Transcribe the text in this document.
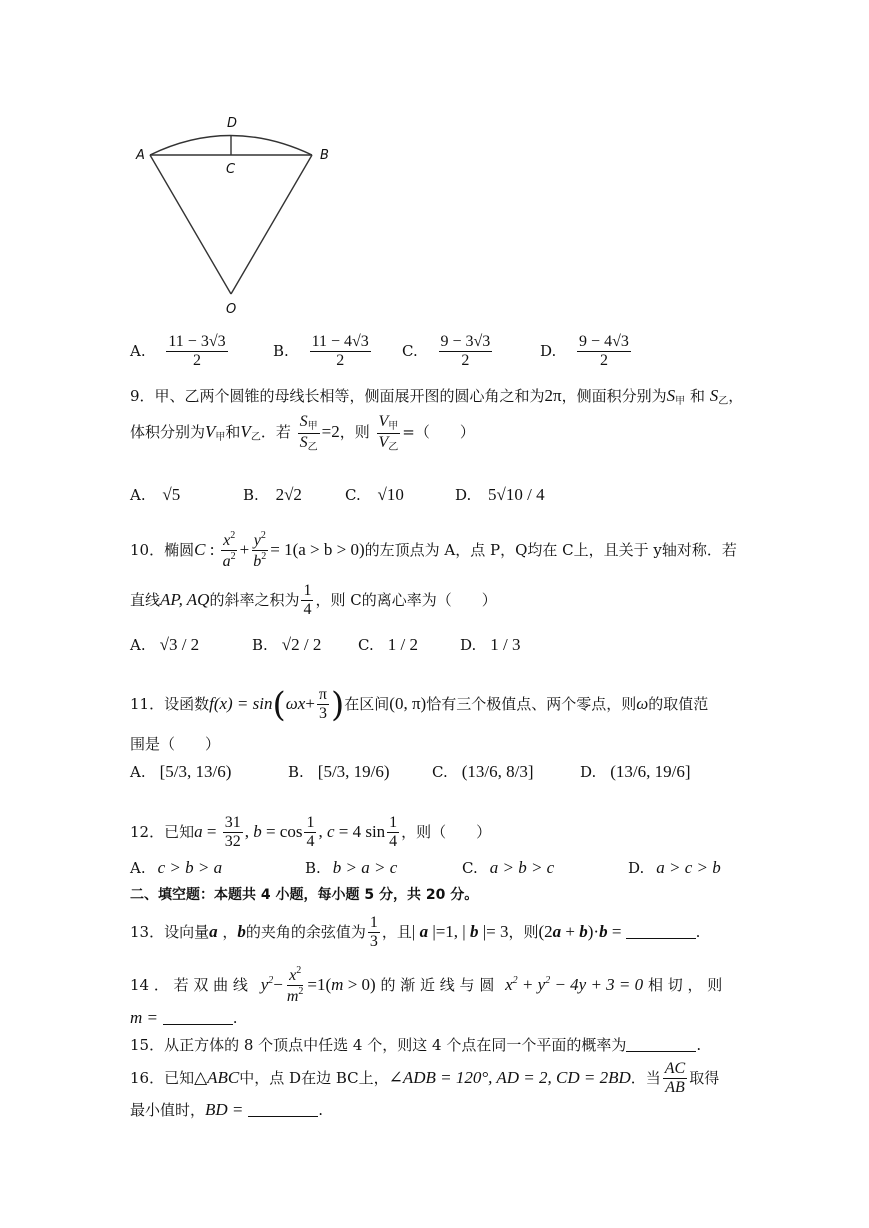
A	B
C
D
O
A. $\frac{11 - 3√3}{2}$	B. $\frac{11 - 4√3}{2} C$. $\frac{9 - 3√3}{2}$	D. $\frac{9 - 4√3}{2}$
9．甲、乙两个圆锥的母线长相等，侧面展开图的圆心角之和为2π，侧面积分别为$S_甲$ 和 $S_乙$，
体积分别为$V_甲$和$V_乙$．若 $\frac{S_甲}{S_乙} =2$，则 $\frac{V_甲}{V_乙}$ =（　　）
A. √5	B. 2√2	C. √10	D. 5√10 / 4
10．椭圆C : $\frac{x^2}{a^2} + \frac{y^2}{b^2} = 1(a > b > 0)$的左顶点为 A，点 P，Q均在 C上，且关于 y轴对称．若
直线AP, AQ的斜率之积为 $\frac{1}{4}$ ，则 C的离心率为（　　）
A. √3 / 2	B. √2 / 2 C. 1 / 2	D. 1 / 3
11．设函数$f(x) = \sin(\omega x+ \frac{\pi}{3}$ )在区间(0, π)恰有三个极值点、两个零点，则ω的取值范
围是（　　）
A. [5/3, 13/6)	B. [5/3, 19/6)	C. (13/6, 8/3]	D. (13/6, 19/6]
12．已知$a = \frac{31}{32}$ , $b = \cos \frac{1}{4}$ , c = 4 $\sin \frac{1}{4}$ ，则（　　）
A. c > b > a	B. b > a > c	C. a > b > c	D. a > c > b
二、填空题：本题共 4 小题，每小题 5 分，共 20 分。
13．设向量a ，b的夹角的余弦值为 $\frac{1}{3}$ ，且| a |=1, | b |= 3，则(2a + b)·b =	.
14 ． 若 双 曲 线 $y^2- \frac{x^2}{m^2} =1(m > 0)$ 的 渐 近 线 与 圆 $x^2 + y^2 - 4y + 3 = 0$ 相 切 ， 则
m =	.
15．从正方体的 8 个顶点中任选 4 个，则这 4 个点在同一个平面的概率为	.
16．已知△ABC中，点 D在边 BC上，∠ADB = 120°, AD = 2, CD = 2BD．当 $\frac{AC}{AB}$ 取得
最小值时，BD =	.
